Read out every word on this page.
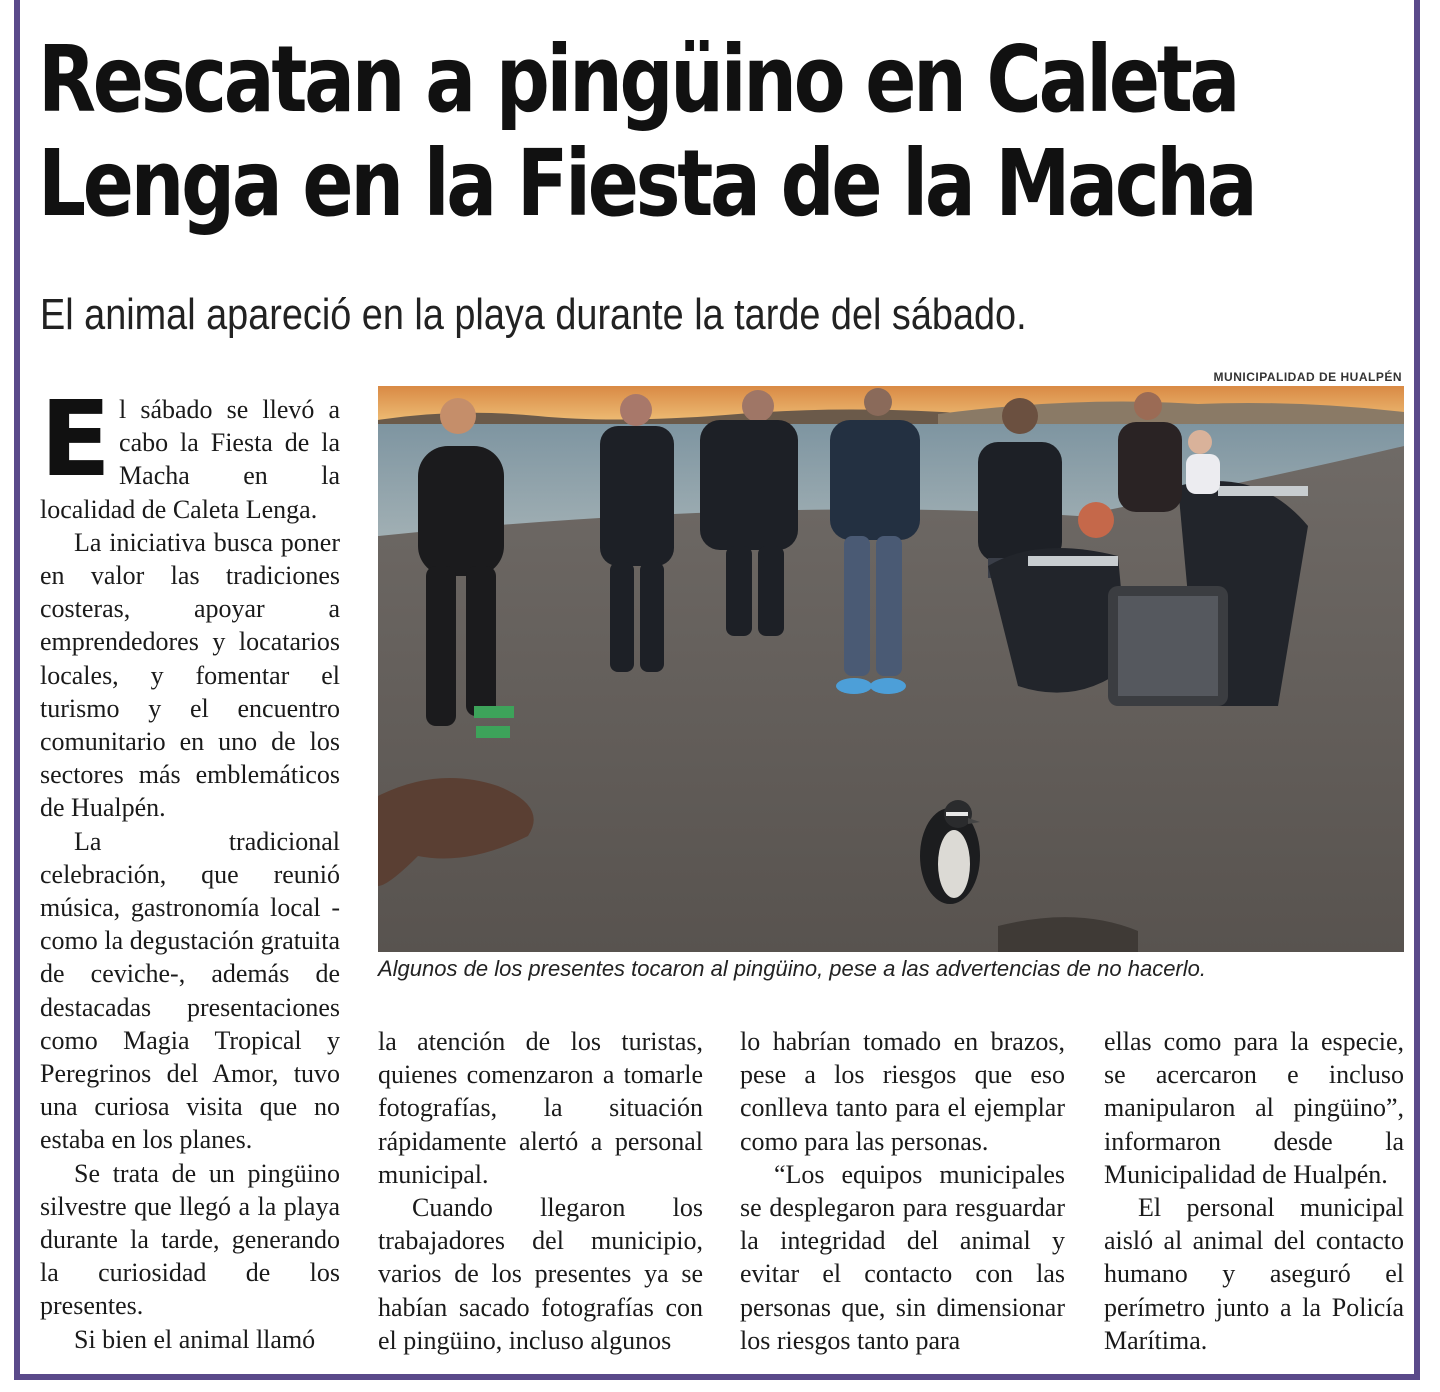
Rescatan a pingüino en Caleta
Lenga en la Fiesta de la Macha

El animal apareció en la playa durante la tarde del sábado.

El sábado se llevó a cabo la Fiesta de la Macha en la localidad de Caleta Lenga.

La iniciativa busca poner en valor las tradiciones costeras, apoyar a emprendedores y locatarios locales, y fomentar el turismo y el encuentro comunitario en uno de los sectores más emblemáticos de Hualpén.

La tradicional celebración, que reunió música, gastronomía local -como la degustación gratuita de ceviche-, además de destacadas presentaciones como Magia Tropical y Peregrinos del Amor, tuvo una curiosa visita que no estaba en los planes.

Se trata de un pingüino silvestre que llegó a la playa durante la tarde, generando la curiosidad de los presentes.

Si bien el animal llamó

MUNICIPALIDAD DE HUALPÉN
Algunos de los presentes tocaron al pingüino, pese a las advertencias de no hacerlo.

la atención de los turistas, quienes comenzaron a tomarle fotografías, la situación rápidamente alertó a personal municipal.

Cuando llegaron los trabajadores del municipio, varios de los presentes ya se habían sacado fotografías con el pingüino, incluso algunos

lo habrían tomado en brazos, pese a los riesgos que eso conlleva tanto para el ejemplar como para las personas.

“Los equipos municipales se desplegaron para resguardar la integridad del animal y evitar el contacto con las personas que, sin dimensionar los riesgos tanto para

ellas como para la especie, se acercaron e incluso manipularon al pingüino”, informaron desde la Municipalidad de Hualpén.

El personal municipal aisló al animal del contacto humano y aseguró el perímetro junto a la Policía Marítima.
